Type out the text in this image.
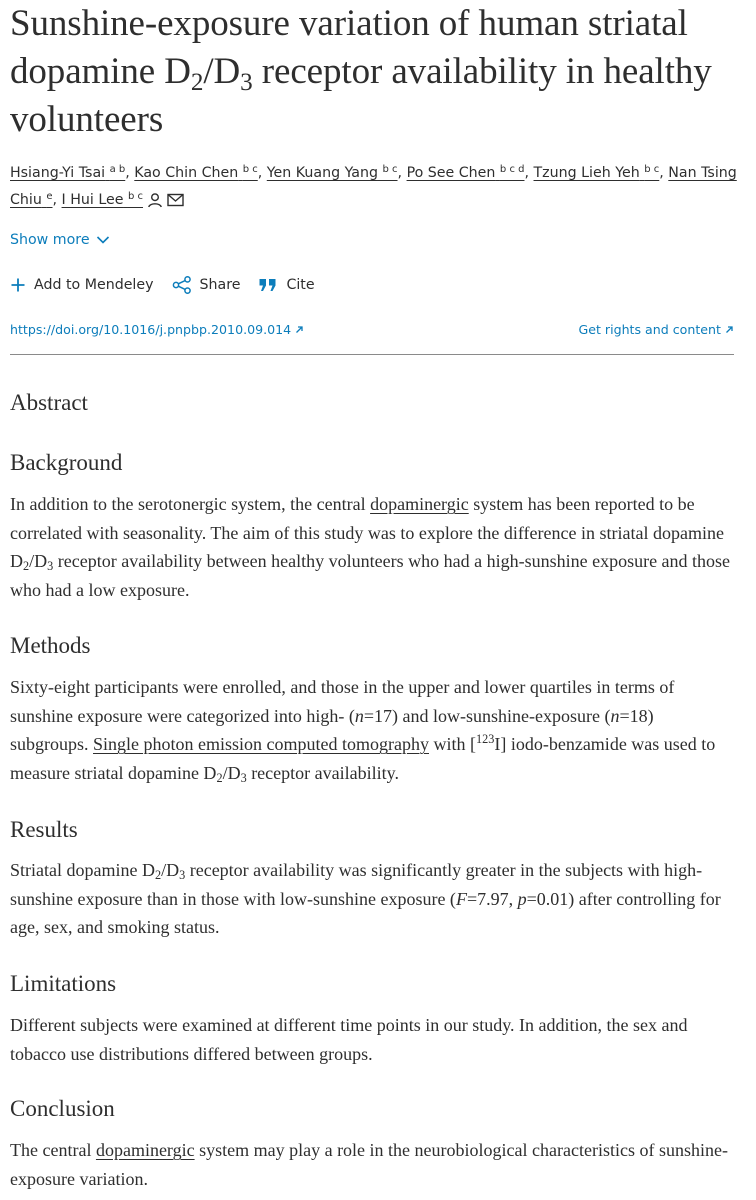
Sunshine-exposure variation of human striatal dopamine $D_2/D_3$ receptor availability in healthy volunteers
Hsiang-Yi Tsai $^{a b}$, Kao Chin Chen $^{b c}$, Yen Kuang Yang $^{b c}$, Po See Chen $^{b c d}$, Tzung Lieh Yeh $^{b c}$, Nan Tsing Chiu $^e$, I Hui Lee $^{b c}$
Show more
Add to Mendeley	Share	Cite
https://doi.org/10.1016/j.pnpbp.2010.09.014	Get rights and content
Abstract
Background

In addition to the serotonergic system, the central dopaminergic system has been reported to be correlated with seasonality. The aim of this study was to explore the difference in striatal dopamine $D_2/D_3$ receptor availability between healthy volunteers who had a high-sunshine exposure and those who had a low exposure.

Methods

Sixty-eight participants were enrolled, and those in the upper and lower quartiles in terms of sunshine exposure were categorized into high- (n=17) and low-sunshine-exposure (n=18) subgroups. Single photon emission computed tomography with [$^{123}$I] iodo-benzamide was used to measure striatal dopamine $D_2/D_3$ receptor availability.

Results

Striatal dopamine $D_2/D_3$ receptor availability was significantly greater in the subjects with high-sunshine exposure than in those with low-sunshine exposure (F=7.97, p=0.01) after controlling for age, sex, and smoking status.

Limitations

Different subjects were examined at different time points in our study. In addition, the sex and tobacco use distributions differed between groups.

Conclusion

The central dopaminergic system may play a role in the neurobiological characteristics of sunshine-exposure variation.
